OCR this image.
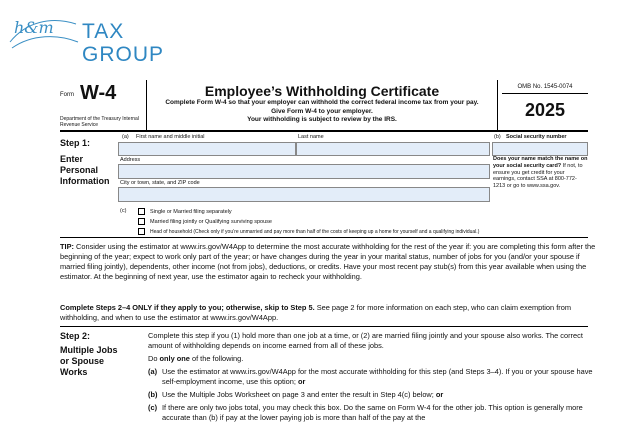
h&m TAX
GROUP
Form W-4
Department of the Treasury Internal Revenue Service
Employee’s Withholding Certificate
Complete Form W-4 so that your employer can withhold the correct federal income tax from your pay.
Give Form W-4 to your employer.
Your withholding is subject to review by the IRS.
OMB No. 1545-0074
2025
Step 1:
Enter Personal Information
(a) First name and middle initial	Last name	(b) Social security number
Address
City or town, state, and ZIP code
Does your name match the name on your social security card? If not, to ensure you get credit for your earnings, contact SSA at 800-772-1213 or go to www.ssa.gov.
(c)	Single or Married filing separately
Married filing jointly or Qualifying surviving spouse
Head of household (Check only if you’re unmarried and pay more than half of the costs of keeping up a home for yourself and a qualifying individual.)
TIP: Consider using the estimator at www.irs.gov/W4App to determine the most accurate withholding for the rest of the year if: you are completing this form after the beginning of the year; expect to work only part of the year; or have changes during the year in your marital status, number of jobs for you (and/or your spouse if married filing jointly), dependents, other income (not from jobs), deductions, or credits. Have your most recent pay stub(s) from this year available when using the estimator. At the beginning of next year, use the estimator again to recheck your withholding.
Complete Steps 2–4 ONLY if they apply to you; otherwise, skip to Step 5. See page 2 for more information on each step, who can claim exemption from withholding, and when to use the estimator at www.irs.gov/W4App.
Step 2:
Multiple Jobs or Spouse Works
Complete this step if you (1) hold more than one job at a time, or (2) are married filing jointly and your spouse also works. The correct amount of withholding depends on income earned from all of these jobs.
Do only one of the following.
(a) Use the estimator at www.irs.gov/W4App for the most accurate withholding for this step (and Steps 3–4). If you or your spouse have self-employment income, use this option; or
(b) Use the Multiple Jobs Worksheet on page 3 and enter the result in Step 4(c) below; or
(c) If there are only two jobs total, you may check this box. Do the same on Form W-4 for the other job. This option is generally more accurate than (b) if pay at the lower paying job is more than half of the pay at the
